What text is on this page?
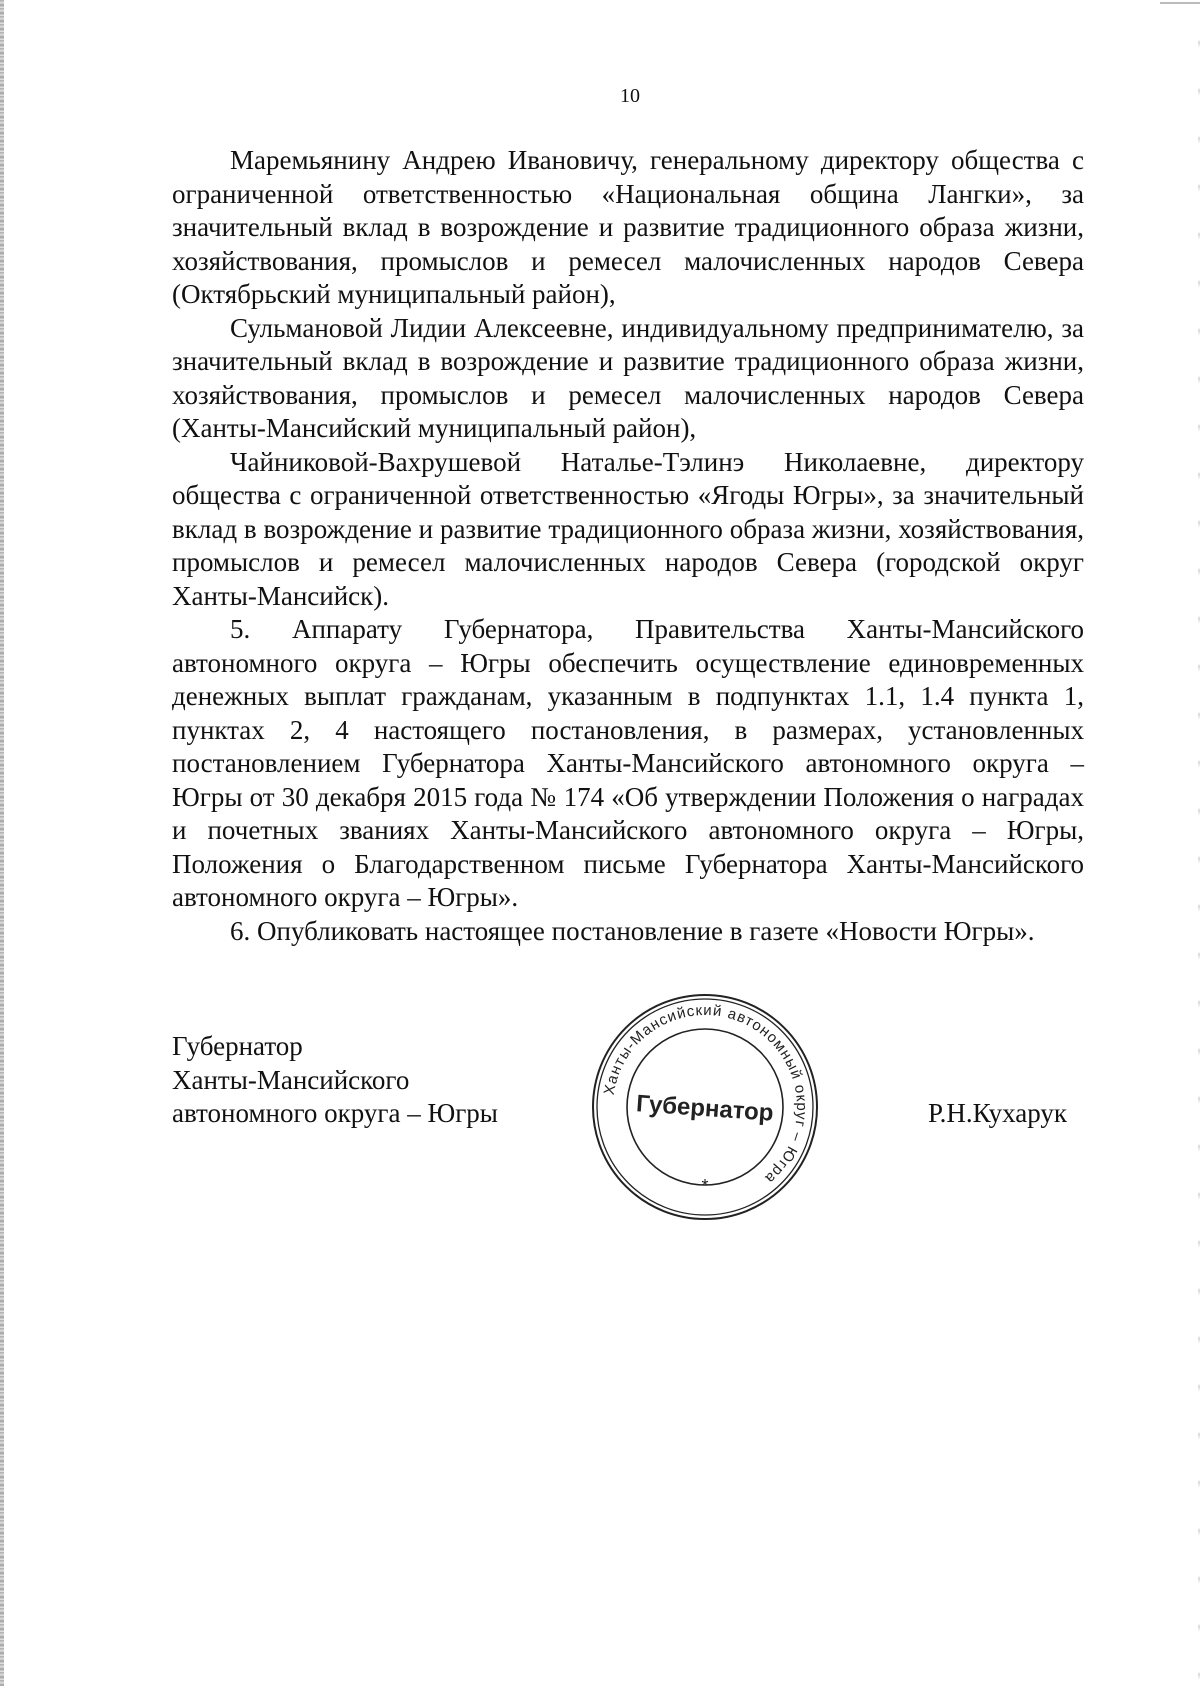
10

Маремьянину Андрею Ивановичу, генеральному директору общества с ограниченной ответственностью «Национальная община Лангки», за значительный вклад в возрождение и развитие традиционного образа жизни, хозяйствования, промыслов и ремесел малочисленных народов Севера (Октябрьский муниципальный район),

Сульмановой Лидии Алексеевне, индивидуальному предпринимателю, за значительный вклад в возрождение и развитие традиционного образа жизни, хозяйствования, промыслов и ремесел малочисленных народов Севера (Ханты-Мансийский муниципальный район),

Чайниковой-Вахрушевой Наталье-Тэлинэ Николаевне, директору общества с ограниченной ответственностью «Ягоды Югры», за значительный вклад в возрождение и развитие традиционного образа жизни, хозяйствования, промыслов и ремесел малочисленных народов Севера (городской округ Ханты-Мансийск).

5. Аппарату Губернатора, Правительства Ханты-Мансийского автономного округа – Югры обеспечить осуществление единовременных денежных выплат гражданам, указанным в подпунктах 1.1, 1.4 пункта 1, пунктах 2, 4 настоящего постановления, в размерах, установленных постановлением Губернатора Ханты-Мансийского автономного округа – Югры от 30 декабря 2015 года № 174 «Об утверждении Положения о наградах и почетных званиях Ханты-Мансийского автономного округа – Югры, Положения о Благодарственном письме Губернатора Ханты-Мансийского автономного округа – Югры».

6. Опубликовать настоящее постановление в газете «Новости Югры».

Губернатор
Ханты-Мансийского
автономного округа – Югры
Ханты-Мансийский автономный округ – Югра
Губернатор
*
Р.Н.Кухарук
